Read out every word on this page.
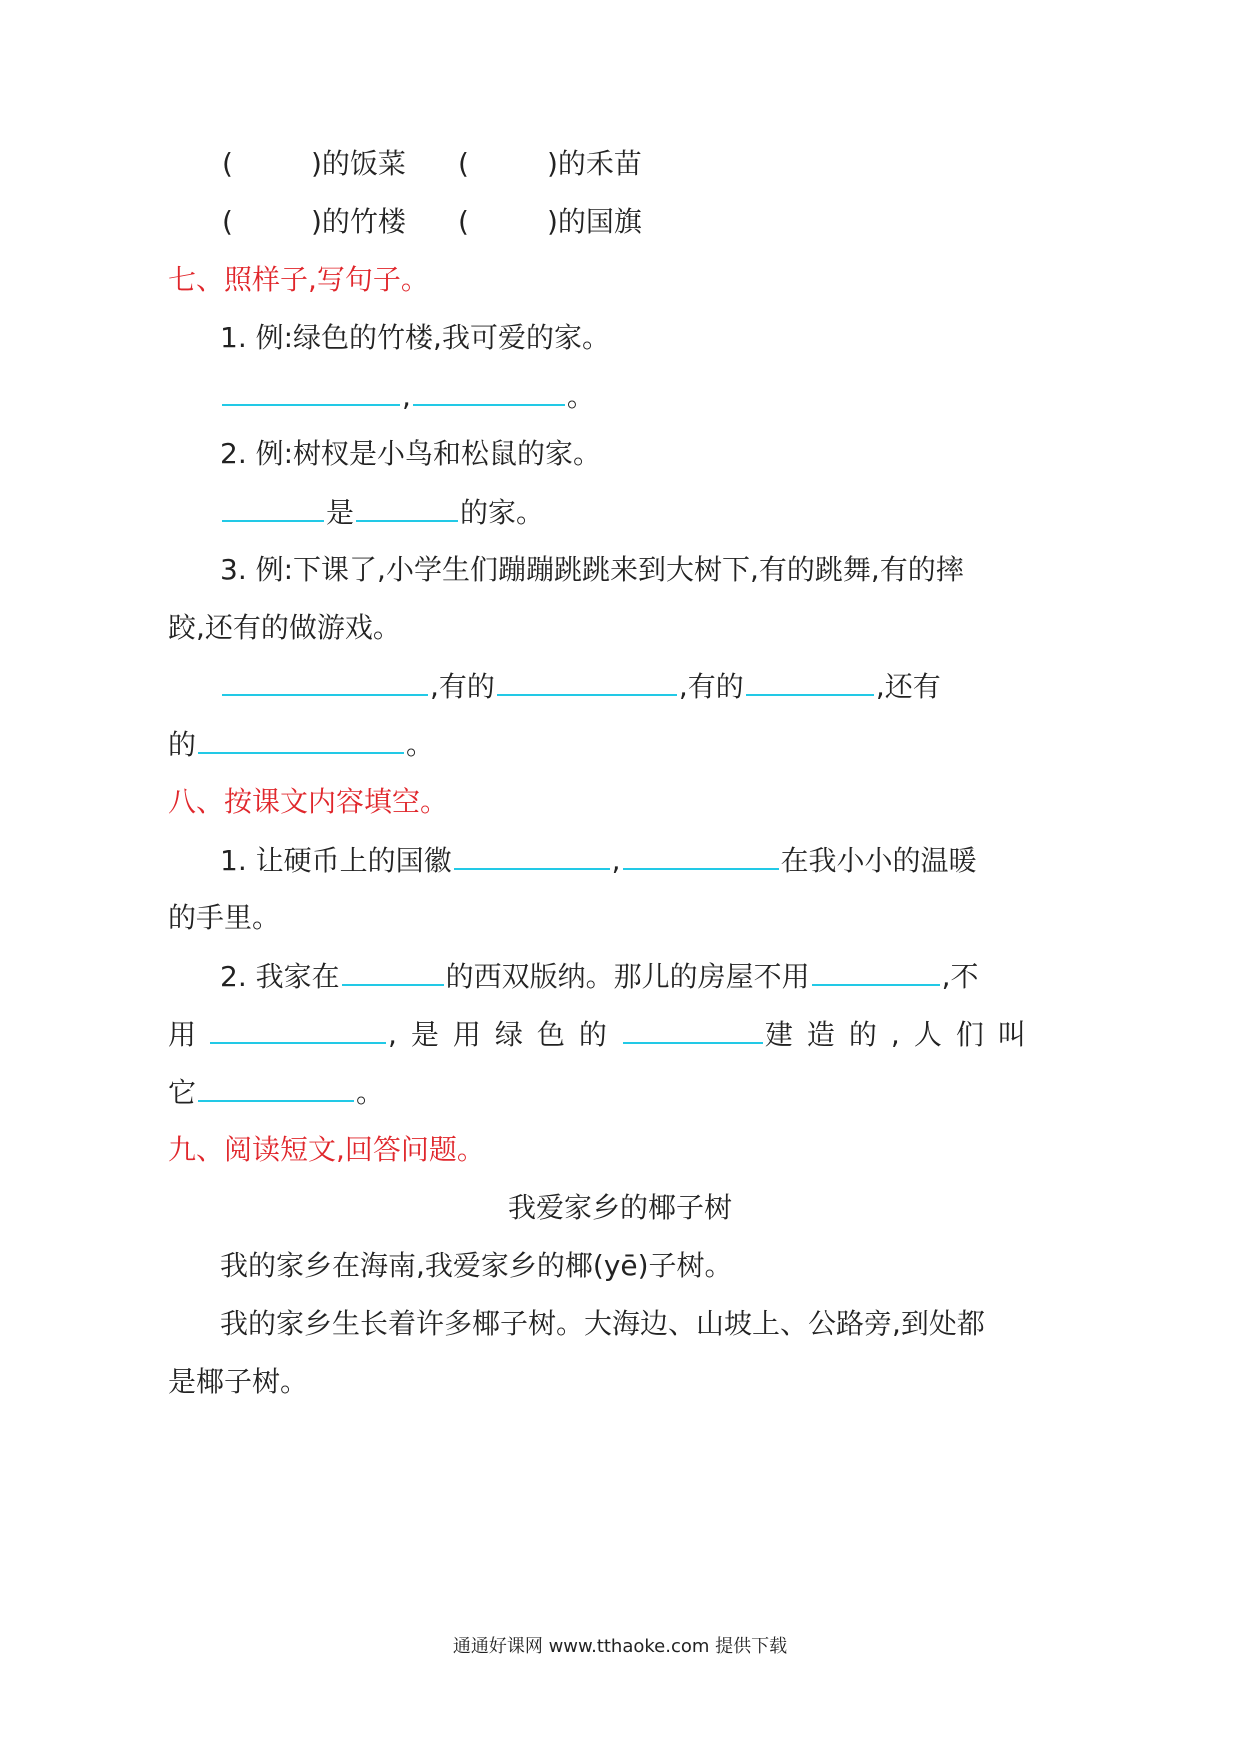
(	)的饭菜 (	)的禾苗
(	)的竹楼 (	)的国旗
七、照样子,写句子。
1. 例:绿色的竹楼,我可爱的家。
,	。
2. 例:树杈是小鸟和松鼠的家。
是	的家。
3. 例:下课了,小学生们蹦蹦跳跳来到大树下,有的跳舞,有的摔
跤,还有的做游戏。
,有的	,有的	,还有
的	。
八、按课文内容填空。
1. 让硬币上的国徽	,	在我小小的温暖
的手里。
2. 我家在	的西双版纳。那儿的房屋不用	,不
用	,是用绿色的	建造的,人们叫
它	。
九、阅读短文,回答问题。
我爱家乡的椰子树
我的家乡在海南,我爱家乡的椰(yē)子树。
我的家乡生长着许多椰子树。大海边、山坡上、公路旁,到处都
是椰子树。
通通好课网 www.tthaoke.com 提供下载
